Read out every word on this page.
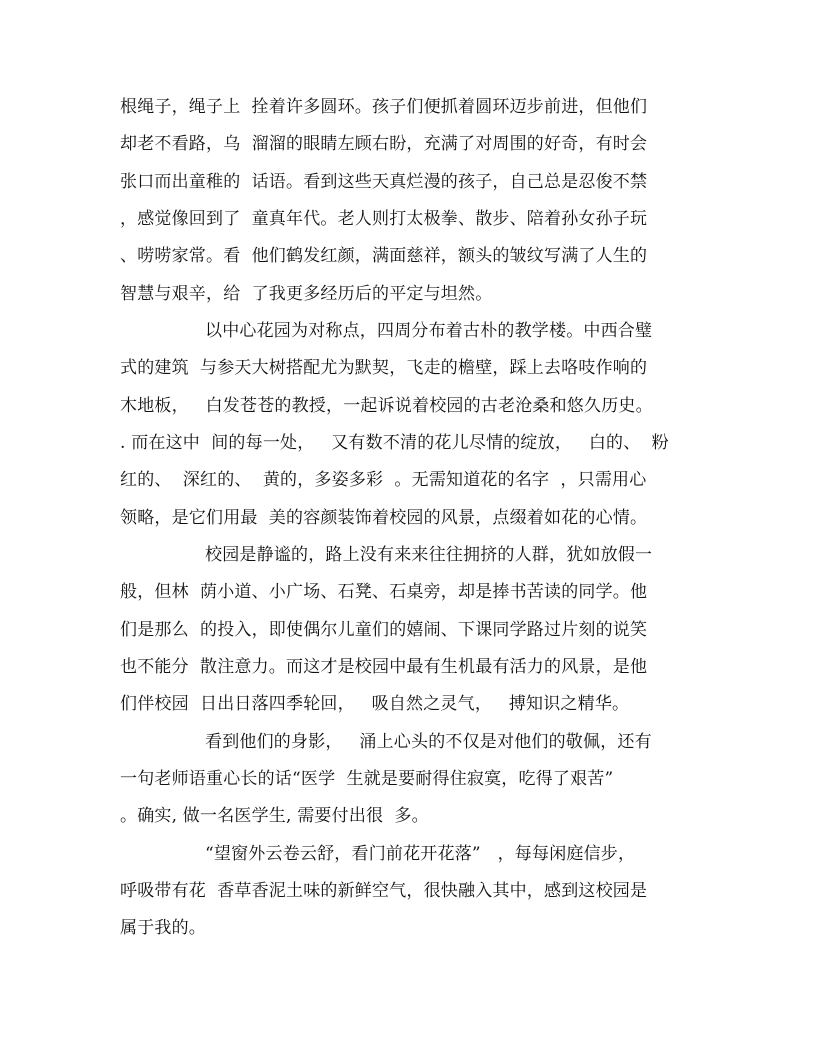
根绳子，绳子上  拴着许多圆环。孩子们便抓着圆环迈步前进，但他们
却老不看路，乌  溜溜的眼睛左顾右盼，充满了对周围的好奇，有时会
张口而出童稚的  话语。看到这些天真烂漫的孩子，自己总是忍俊不禁
，感觉像回到了  童真年代。老人则打太极拳、散步、陪着孙女孙子玩
、唠唠家常。看  他们鹤发红颜，满面慈祥，额头的皱纹写满了人生的
智慧与艰辛，给  了我更多经历后的平定与坦然。
以中心花园为对称点，四周分布着古朴的教学楼。中西合璧
式的建筑  与参天大树搭配尤为默契，飞走的檐壁，踩上去咯吱作响的
木地板，   白发苍苍的教授，一起诉说着校园的古老沧桑和悠久历史。
. 而在这中  间的每一处，   又有数不清的花儿尽情的绽放，   白的、  粉
红的、  深红的、  黄的，多姿多彩  。无需知道花的名字  ，只需用心
领略，是它们用最  美的容颜装饰着校园的风景，点缀着如花的心情。
校园是静谧的，路上没有来来往往拥挤的人群，犹如放假一
般，但林  荫小道、小广场、石凳、石桌旁，却是捧书苦读的同学。他
们是那么  的投入，即使偶尔儿童们的嬉闹、下课同学路过片刻的说笑
也不能分  散注意力。而这才是校园中最有生机最有活力的风景，是他
们伴校园  日出日落四季轮回，   吸自然之灵气，   搏知识之精华。
看到他们的身影，   涌上心头的不仅是对他们的敬佩，还有
一句老师语重心长的话“医学  生就是要耐得住寂寞，吃得了艰苦”
。确实, 做一名医学生, 需要付出很  多。
“望窗外云卷云舒，看门前花开花落”   ，每每闲庭信步，
呼吸带有花  香草香泥土味的新鲜空气，很快融入其中，感到这校园是
属于我的。
